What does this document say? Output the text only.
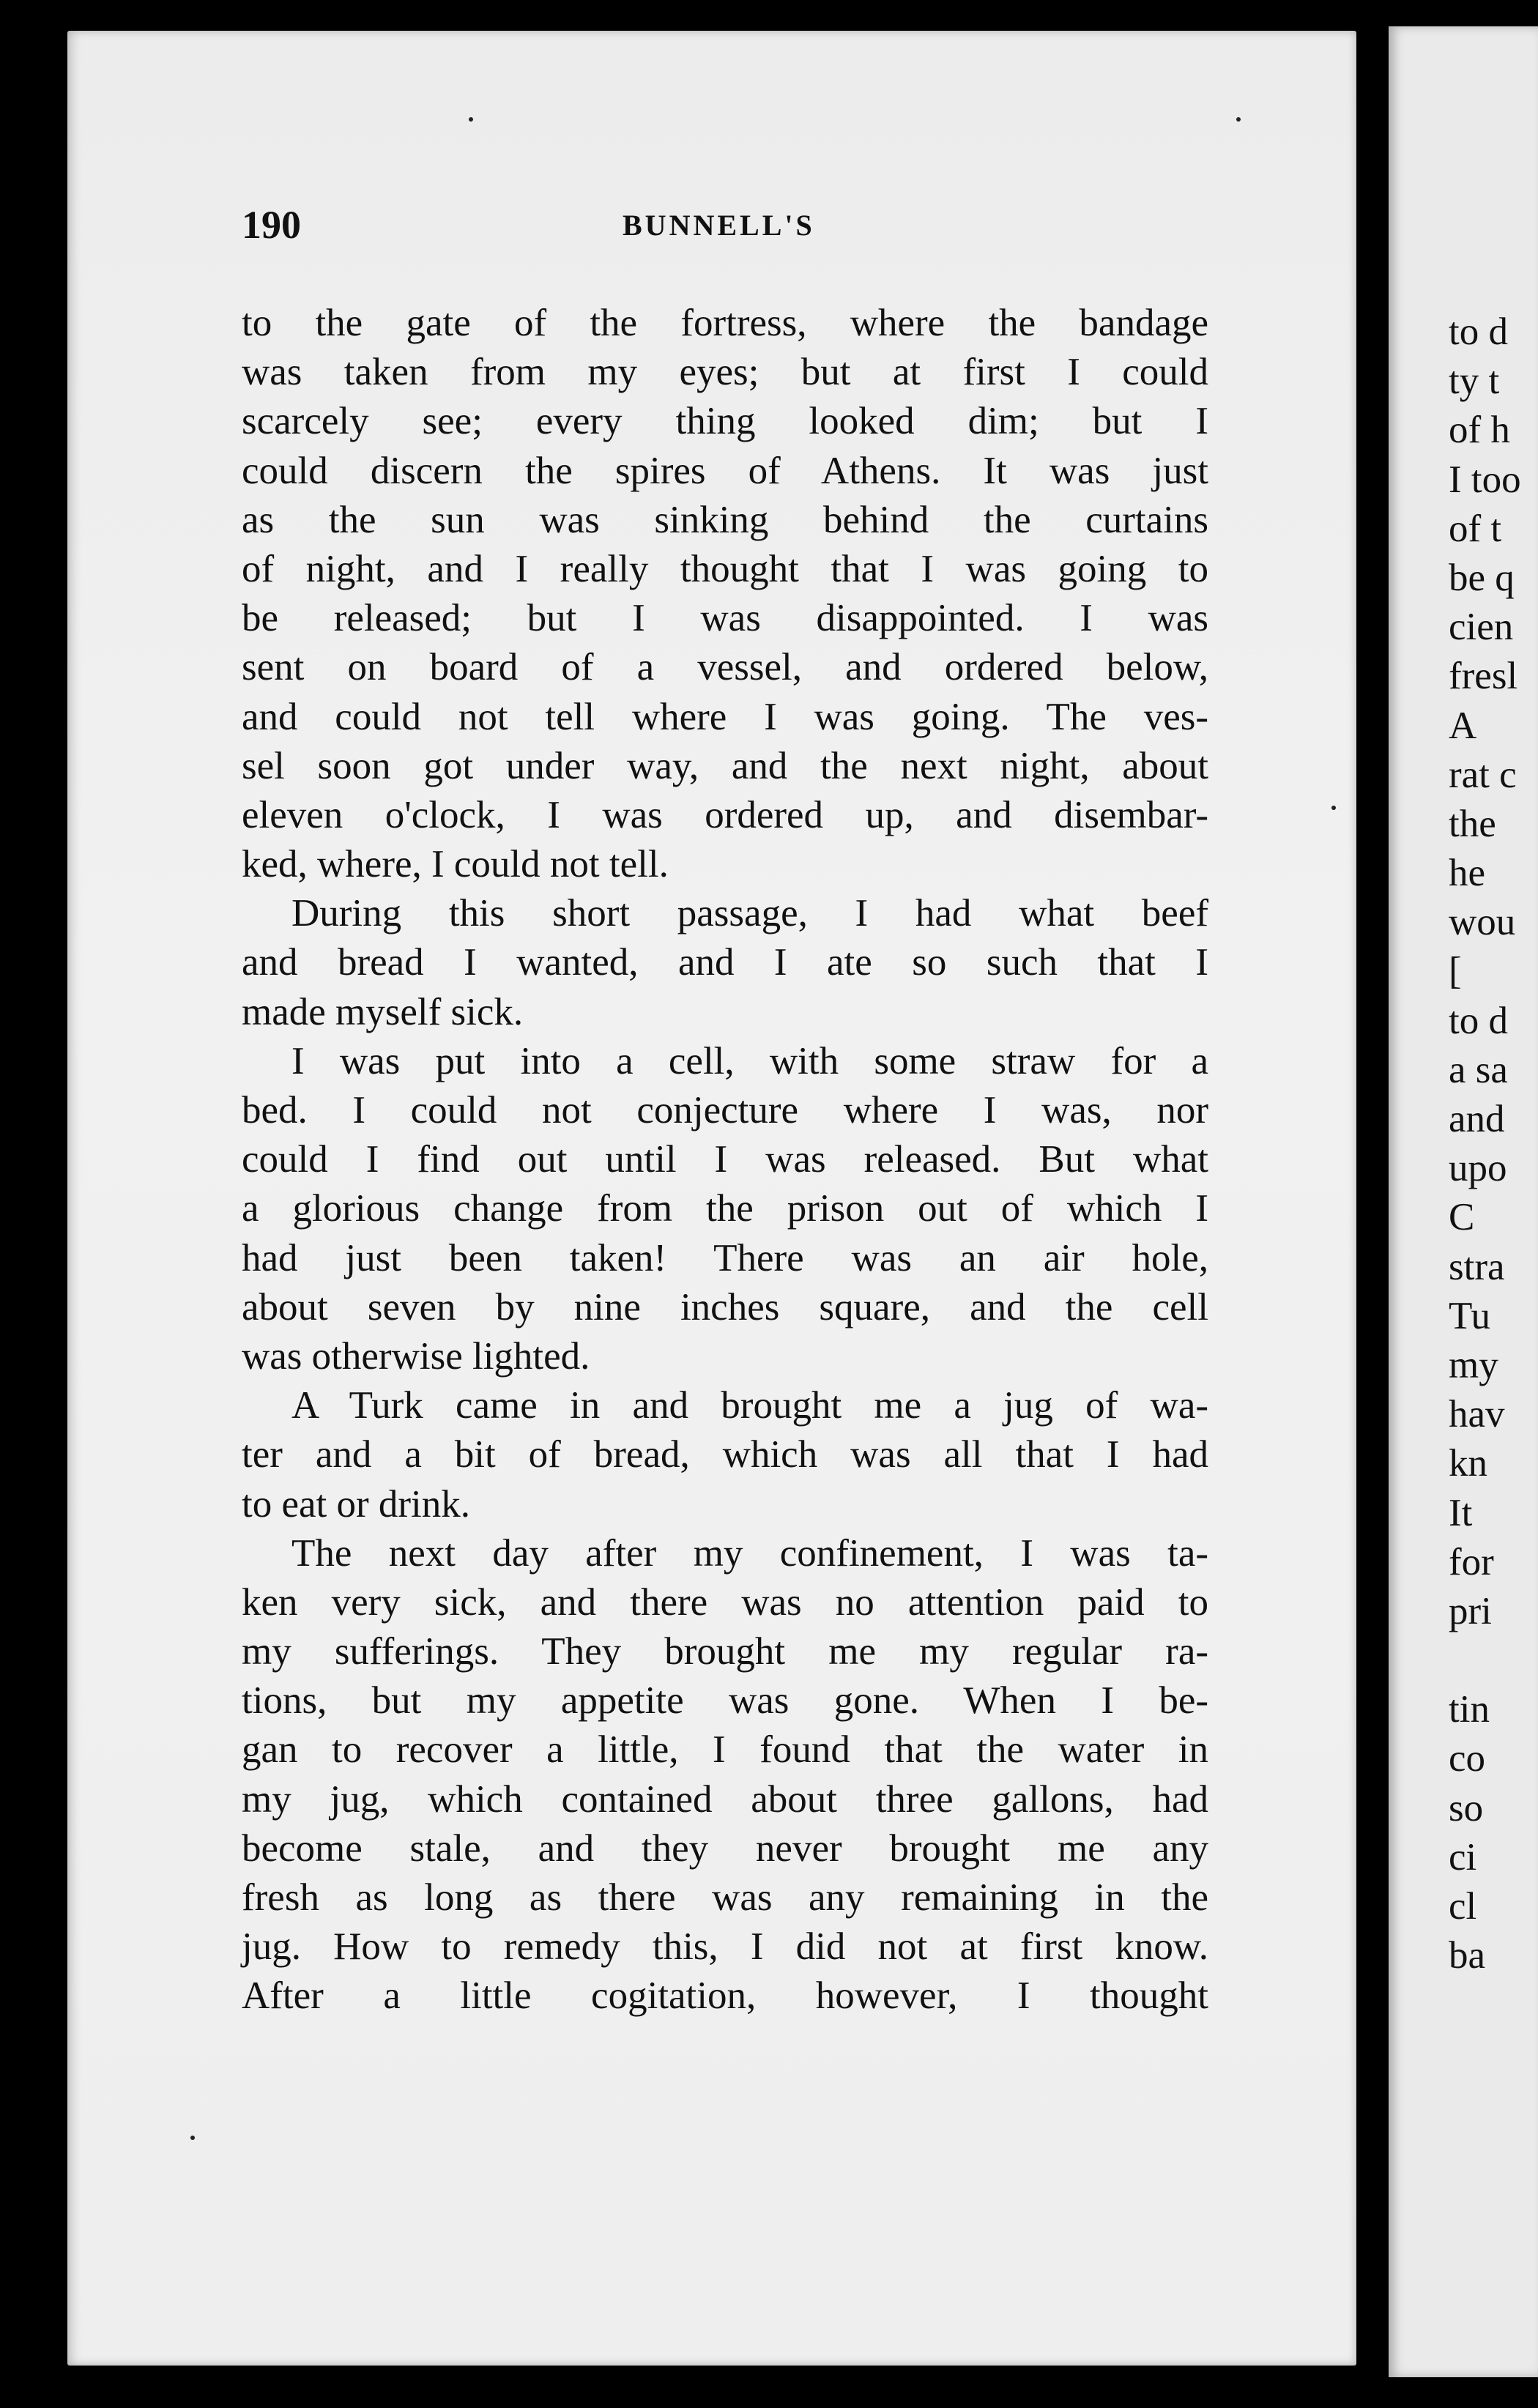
190	BUNNELL'S
to the gate of the fortress, where the bandage
was taken from my eyes; but at first I could
scarcely see; every thing looked dim; but I
could discern the spires of Athens. It was just
as the sun was sinking behind the curtains
of night, and I really thought that I was going to
be released; but I was disappointed. I was
sent on board of a vessel, and ordered below,
and could not tell where I was going. The ves-
sel soon got under way, and the next night, about
eleven o'clock, I was ordered up, and disembar-
ked, where, I could not tell.
During this short passage, I had what beef
and bread I wanted, and I ate so such that I
made myself sick.
I was put into a cell, with some straw for a
bed. I could not conjecture where I was, nor
could I find out until I was released. But what
a glorious change from the prison out of which I
had just been taken! There was an air hole,
about seven by nine inches square, and the cell
was otherwise lighted.
A Turk came in and brought me a jug of wa-
ter and a bit of bread, which was all that I had
to eat or drink.
The next day after my confinement, I was ta-
ken very sick, and there was no attention paid to
my sufferings. They brought me my regular ra-
tions, but my appetite was gone. When I be-
gan to recover a little, I found that the water in
my jug, which contained about three gallons, had
become stale, and they never brought me any
fresh as long as there was any remaining in the
jug. How to remedy this, I did not at first know.
After a little cogitation, however, I thought
to d
ty t
of h
I too
of t
be q
cien
fresl
A
rat c
the
he
wou
[
to d
a sa
and
upo
C
stra
Tu
my
hav
kn
It
for
pri
tin
co
so
ci
cl
ba
